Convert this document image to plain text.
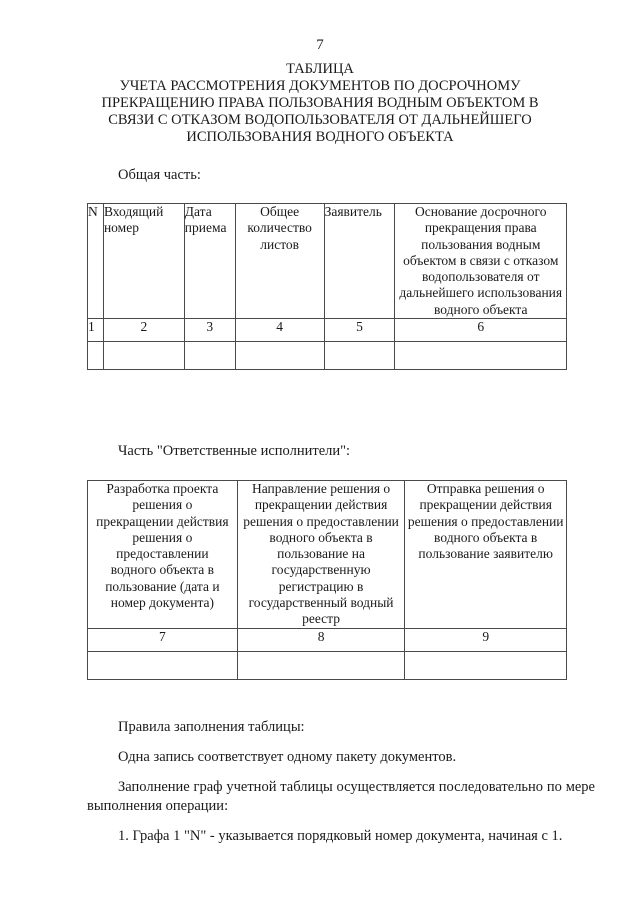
7
ТАБЛИЦА
УЧЕТА РАССМОТРЕНИЯ ДОКУМЕНТОВ ПО ДОСРОЧНОМУ
ПРЕКРАЩЕНИЮ ПРАВА ПОЛЬЗОВАНИЯ ВОДНЫМ ОБЪЕКТОМ В
СВЯЗИ С ОТКАЗОМ ВОДОПОЛЬЗОВАТЕЛЯ ОТ ДАЛЬНЕЙШЕГО
ИСПОЛЬЗОВАНИЯ ВОДНОГО ОБЪЕКТА
Общая часть:
N	Входящий номер	Дата приема	Общее количество листов	Заявитель	Основание досрочного прекращения права пользования водным объектом в связи с отказом водопользователя от дальнейшего использования водного объекта
1	2	3	4	5	6

Часть "Ответственные исполнители":
Разработка проекта решения о прекращении действия решения о предоставлении водного объекта в пользование (дата и номер документа)	Направление решения о прекращении действия решения о предоставлении водного объекта в пользование на государственную регистрацию в государственный водный реестр	Отправка решения о прекращении действия решения о предоставлении водного объекта в пользование заявителю
7	8	9

Правила заполнения таблицы:
Одна запись соответствует одному пакету документов.
Заполнение граф учетной таблицы осуществляется последовательно по мере выполнения операции:
1. Графа 1 "N" - указывается порядковый номер документа, начиная с 1.
